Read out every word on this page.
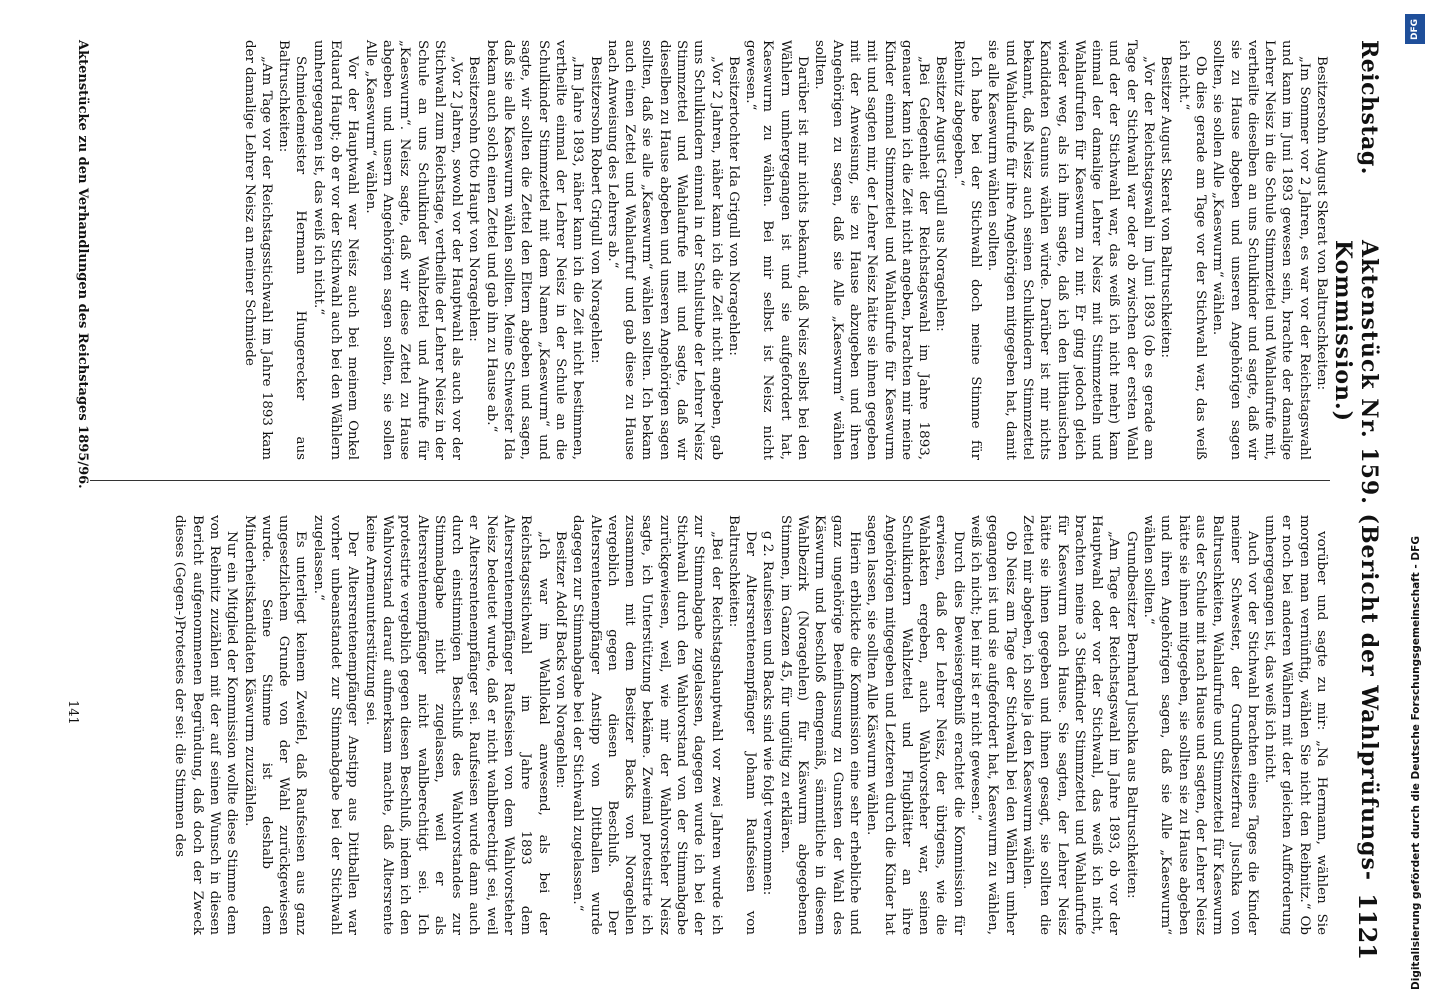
Reichstag.
Aktenstück Nr. 159. (Bericht der Wahlprüfungs-Kommission.)
1121

Besitzersohn August Skerat von Baltruschkeiten:

„Im Sommer vor 2 Jahren, es war vor der Reichstagswahl und kann im Juni 1893 gewesen sein, brachte der damalige Lehrer Neisz in die Schule Stimmzettel und Wahlaufrufe mit, vertheilte dieselben an uns Schulkinder und sagte, daß wir sie zu Hause abgeben und unseren Angehörigen sagen sollten, sie sollen Alle „Kaeswurm“ wählen.

Ob dies gerade am Tage vor der Stichwahl war, das weiß ich nicht.“

Besitzer August Skerat von Baltruschkeiten:

„Vor der Reichstagswahl im Juni 1893 (ob es gerade am Tage der Stichwahl war oder ob zwischen der ersten Wahl und der der Stichwahl war, das weiß ich nicht mehr) kam einmal der damalige Lehrer Neisz mit Stimmzetteln und Wahlaufrufen für Kaeswurm zu mir. Er ging jedoch gleich wieder weg, als ich ihm sagte, daß ich den litthauischen Kandidaten Gaunus wählen würde. Darüber ist mir nichts bekannt, daß Neisz auch seinen Schulkindern Stimmzettel und Wahlaufrufe für ihre Angehörigen mitgegeben hat, damit sie alle Kaeswurm wählen sollten.

Ich habe bei der Stichwahl doch meine Stimme für Reibnitz abgegeben.“

Besitzer August Grigull aus Noragehlen:

„Bei Gelegenheit der Reichstagswahl im Jahre 1893, genauer kann ich die Zeit nicht angeben, brachten mir meine Kinder einmal Stimmzettel und Wahlaufrufe für Kaeswurm mit und sagten mir, der Lehrer Neisz hätte sie ihnen gegeben mit der Anweisung, sie zu Hause abzugeben und ihren Angehörigen zu sagen, daß sie Alle „Kaeswurm“ wählen sollten.

Darüber ist mir nichts bekannt, daß Neisz selbst bei den Wählern umhergegangen ist und sie aufgefordert hat, Kaeswurm zu wählen. Bei mir selbst ist Neisz nicht gewesen.“

Besitzertochter Ida Grigull von Noragehlen:

„Vor 2 Jahren, näher kann ich die Zeit nicht angeben, gab uns Schulkindern einmal in der Schulstube der Lehrer Neisz Stimmzettel und Wahlaufrufe mit und sagte, daß wir dieselben zu Hause abgeben und unseren Angehörigen sagen sollten, daß sie alle „Kaeswurm“ wählen sollten. Ich bekam auch einen Zettel und Wahlaufruf und gab diese zu Hause nach Anweisung des Lehrers ab.“

Besitzersohn Robert Grigull von Noragehlen:

„Im Jahre 1893, näher kann ich die Zeit nicht bestimmen, vertheilte einmal der Lehrer Neisz in der Schule an die Schulkinder Stimmzettel mit dem Namen „Kaeswurm“ und sagte, wir sollten die Zettel den Eltern abgeben und sagen, daß sie alle Kaeswurm wählen sollten. Meine Schwester Ida bekam auch solch einen Zettel und gab ihn zu Hause ab.“

Besitzersohn Otto Haupt von Noragehlen:

„Vor 2 Jahren, sowohl vor der Hauptwahl als auch vor der Stichwahl zum Reichstage, vertheilte der Lehrer Neisz in der Schule an uns Schulkinder Wahlzettel und Aufrufe für „Kaeswurm“. Neisz sagte, daß wir diese Zettel zu Hause abgeben und unsern Angehörigen sagen sollten, sie sollen Alle „Kaeswurm“ wählen.

Vor der Hauptwahl war Neisz auch bei meinem Onkel Eduard Haupt; ob er vor der Stichwahl auch bei den Wählern umhergegangen ist, das weiß ich nicht.“

Schmiedemeister Hermann Hungerecker aus Baltruschkeiten:

„Am Tage vor der Reichstagsstichwahl im Jahre 1893 kam der damalige Lehrer Neisz an meiner Schmiede

vorüber und sagte zu mir: „Na Hermann, wählen Sie morgen man vernünftig, wählen Sie nicht den Reibnitz.“ Ob er noch bei anderen Wählern mit der gleichen Aufforderung umhergegangen ist, das weiß ich nicht.

Auch vor der Stichwahl brachten eines Tages die Kinder meiner Schwester, der Grundbesitzerfrau Juschka von Baltruschkeiten, Wahlaufrufe und Stimmzettel für Kaeswurm aus der Schule mit nach Hause und sagten, der Lehrer Neisz hätte sie ihnen mitgegeben, sie sollten sie zu Hause abgeben und ihren Angehörigen sagen, daß sie Alle „Kaeswurm“ wählen sollten.“

Grundbesitzer Bernhard Juschka aus Baltruschkeiten:

„Am Tage der Reichstagswahl im Jahre 1893, ob vor der Hauptwahl oder vor der Stichwahl, das weiß ich nicht, brachten meine 3 Stiefkinder Stimmzettel und Wahlaufrufe für Kaeswurm nach Hause. Sie sagten, der Lehrer Neisz hätte sie ihnen gegeben und ihnen gesagt, sie sollten die Zettel mir abgeben, ich solle ja den Kaeswurm wählen.

Ob Neisz am Tage der Stichwahl bei den Wählern umher gegangen ist und sie aufgefordert hat, Kaeswurm zu wählen, weiß ich nicht; bei mir ist er nicht gewesen.“

Durch dies Beweisergebniß erachtet die Kommission für erwiesen, daß der Lehrer Neisz, der übrigens, wie die Wahlakten ergeben, auch Wahlvorsteher war, seinen Schulkindern Wahlzettel und Flugblätter an ihre Angehörigen mitgegeben und Letzteren durch die Kinder hat sagen lassen, sie sollten Alle Käswurm wählen.

Hierin erblickte die Kommission eine sehr erhebliche und ganz ungehörige Beeinflussung zu Gunsten der Wahl des Käswurm und beschloß demgemäß, sämmtliche in diesem Wahlbezirk (Noragehlen) für Käswurm abgegebenen Stimmen, im Ganzen 45, für ungültig zu erklären.

g 2. Raufseisen und Backs sind wie folgt vernommen:

Der Altersrentenempfänger Johann Raufseisen von Baltruschkeiten:

„Bei der Reichstagshauptwahl vor zwei Jahren wurde ich zur Stimmabgabe zugelassen, dagegen wurde ich bei der Stichwahl durch den Wahlvorstand von der Stimmabgabe zurückgewiesen, weil, wie mir der Wahlvorsteher Neisz sagte, ich Unterstützung bekäme. Zweimal protestirte ich zusammen mit dem Besitzer Backs von Noragehlen vergeblich gegen diesen Beschluß. Der Altersrentenempfänger Anstipp von Dittballen wurde dagegen zur Stimmabgabe bei der Stichwahl zugelassen.“

Besitzer Adolf Backs von Noragehlen:

„Ich war im Wahllokal anwesend, als bei der Reichstagsstichwahl im Jahre 1893 dem Altersrentenempfänger Raufseisen von dem Wahlvorsteher Neisz bedeutet wurde, daß er nicht wahlberechtigt sei, weil er Altersrentenempfänger sei. Raufseisen wurde dann auch durch einstimmigen Beschluß des Wahlvorstandes zur Stimmabgabe nicht zugelassen, weil er als Altersrentenempfänger nicht wahlberechtigt sei. Ich protestirte vergeblich gegen diesen Beschluß, indem ich den Wahlvorstand darauf aufmerksam machte, daß Altersrente keine Armenunterstützung sei.

Der Altersrentenempfänger Anstipp aus Dittballen war vorher unbeanstandet zur Stimmabgabe bei der Stichwahl zugelassen.“

Es unterliegt keinem Zweifel, daß Raufseisen aus ganz ungesetzlichem Grunde von der Wahl zurückgewiesen wurde. Seine Stimme ist deshalb dem Minderheitskandidaten Käswurm zuzuzählen.

Nur ein Mitglied der Kommission wollte diese Stimme dem von Reibnitz zuzählen mit der auf seinen Wunsch in diesen Bericht aufgenommenen Begründung, daß doch der Zweck dieses (Gegen-)Protestes der sei: die Stimmen des

Aktenstücke zu den Verhandlungen des Reichstages 1895/96.
141
DFG
Digitalisierung gefördert durch die Deutsche Forschungsgemeinschaft - DFG
